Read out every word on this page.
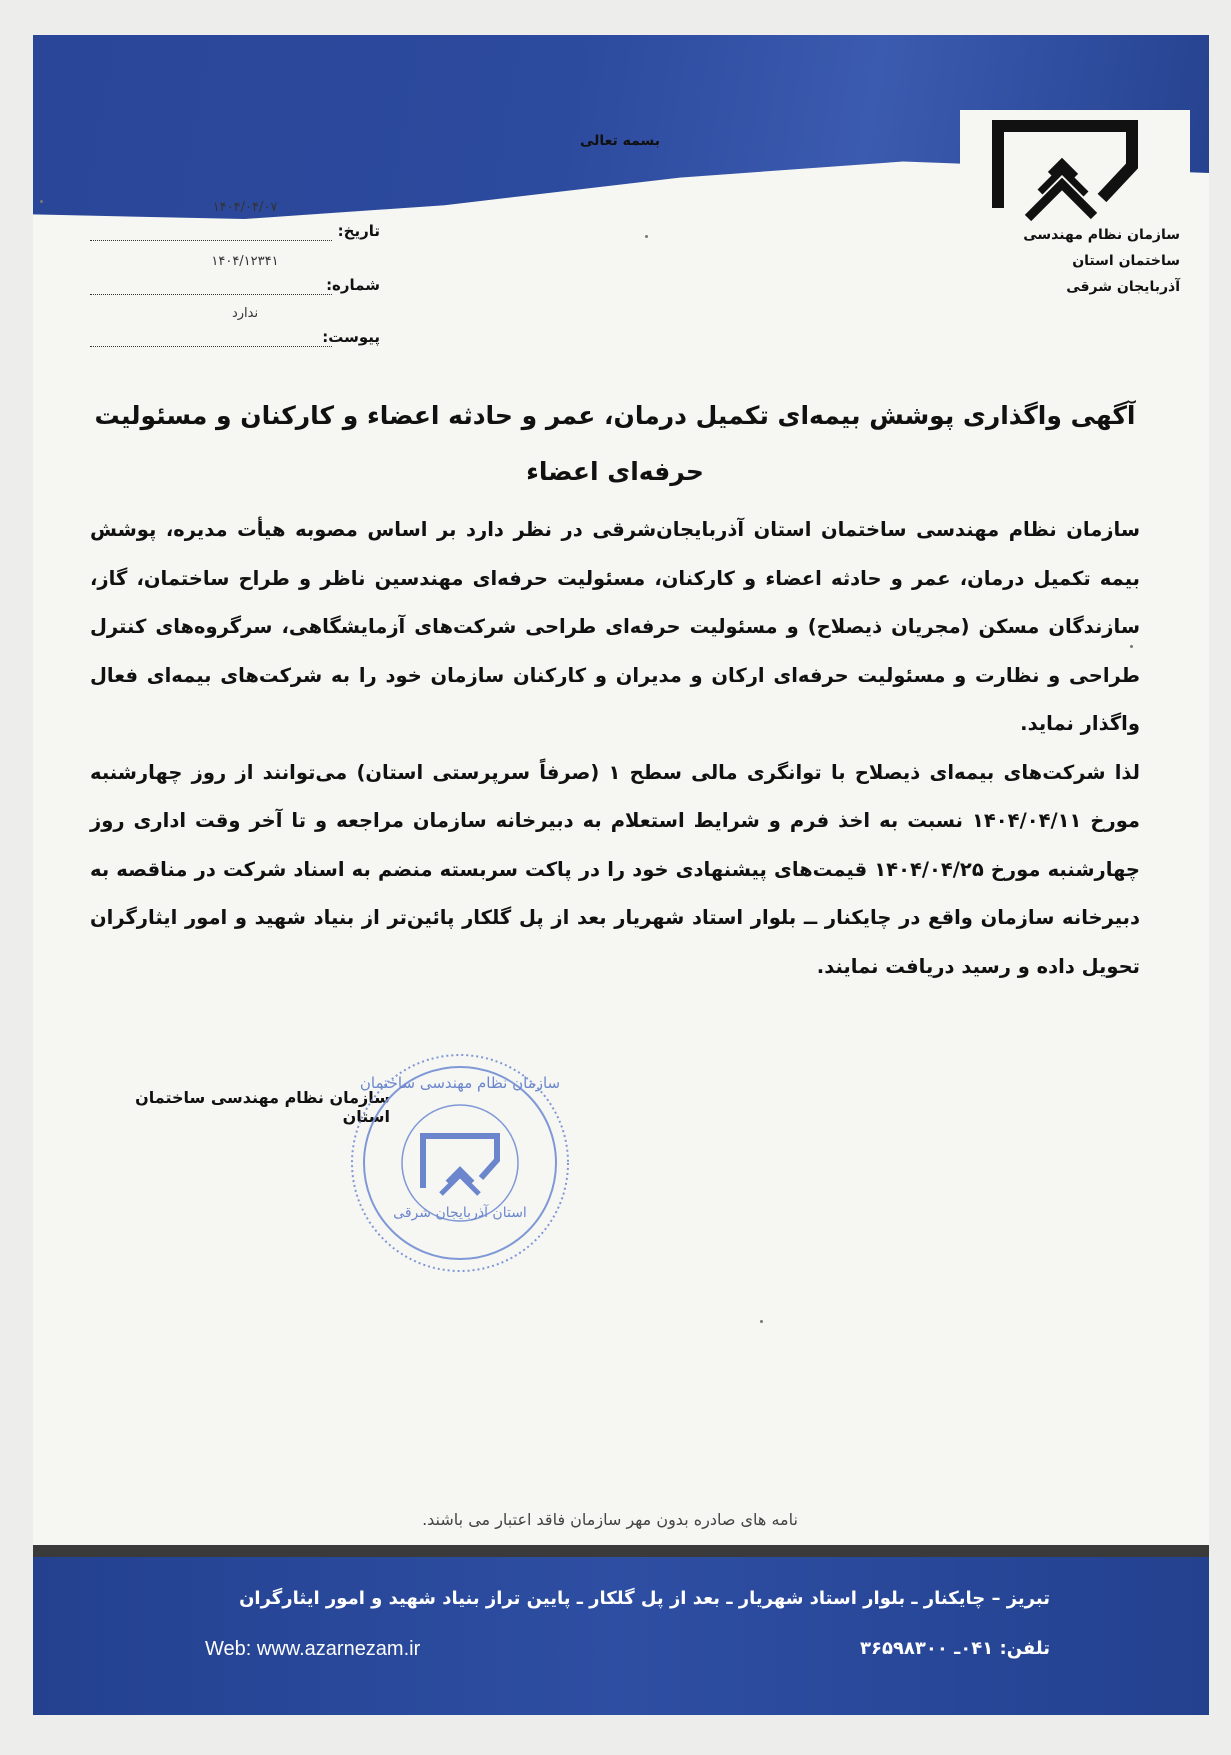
سازمان نظام مهندسی ساختمان استان
آذربایجان شرقی
بسمه تعالی
۱۴۰۴/۰۴/۰۷
تاریخ:
۱۴۰۴/۱۲۳۴۱
شماره:
ندارد
پیوست:
آگهی واگذاری پوشش بیمه‌ای تکمیل درمان، عمر و حادثه اعضاء و کارکنان و مسئولیت حرفه‌ای اعضاء

سازمان نظام مهندسی ساختمان استان آذربایجان‌شرقی در نظر دارد بر اساس مصوبه هیأت مدیره، پوشش بیمه تکمیل درمان، عمر و حادثه اعضاء و کارکنان، مسئولیت حرفه‌ای مهندسین ناظر و طراح ساختمان، گاز، سازندگان مسکن (مجریان ذیصلاح) و مسئولیت حرفه‌ای طراحی شرکت‌های آزمایشگاهی، سرگروه‌های کنترل طراحی و نظارت و مسئولیت حرفه‌ای ارکان و مدیران و کارکنان سازمان خود را به شرکت‌های بیمه‌ای فعال واگذار نماید.

لذا شرکت‌های بیمه‌ای ذیصلاح با توانگری مالی سطح ۱ (صرفاً سرپرستی استان) می‌توانند از روز چهارشنبه مورخ ۱۴۰۴/۰۴/۱۱ نسبت به اخذ فرم و شرایط استعلام به دبیرخانه سازمان مراجعه و تا آخر وقت اداری روز چهارشنبه مورخ ۱۴۰۴/۰۴/۲۵ قیمت‌های پیشنهادی خود را در پاکت سربسته منضم به اسناد شرکت در مناقصه به دبیرخانه سازمان واقع در چایکنار ــ بلوار استاد شهریار بعد از پل گلکار پائین‌تر از بنیاد شهید و امور ایثارگران تحویل داده و رسید دریافت نمایند.

سازمان نظام مهندسی ساختمان استان
سازمان نظام مهندسی ساختمان
استان آذربایجان شرقی
نامه های صادره بدون مهر سازمان فاقد اعتبار می باشند.
تبریز – چایکنار ـ بلوار استاد شهریار ـ بعد از پل گلکار ـ پایین تراز بنیاد شهید و امور ایثارگران
Web: www.azarnezam.ir	تلفن: ۰۴۱ـ ۳۶۵۹۸۳۰۰
